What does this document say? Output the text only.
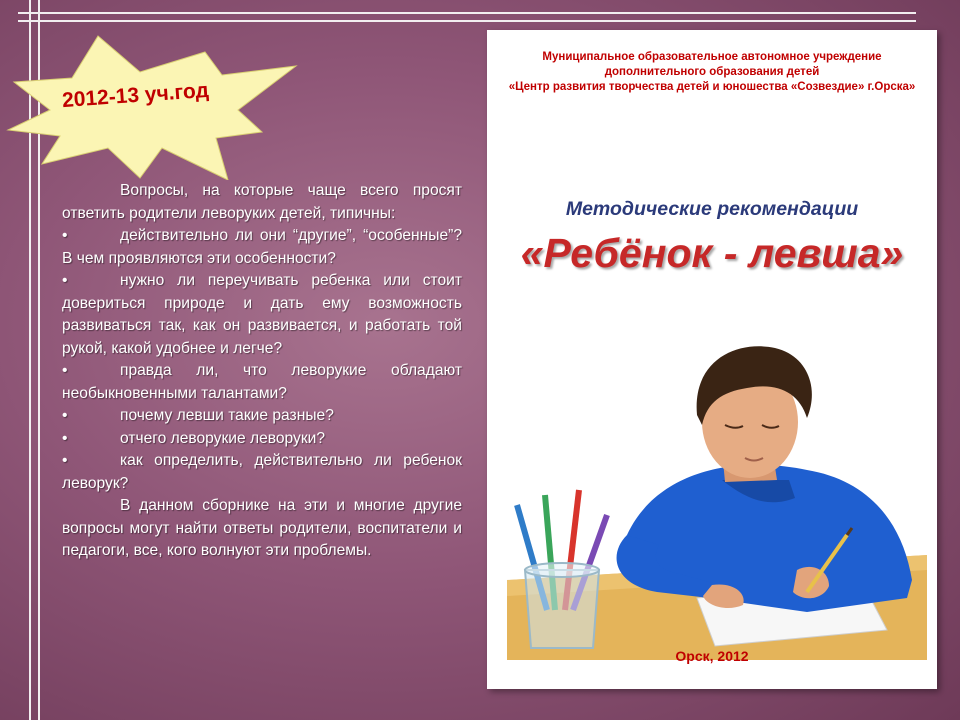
2012-13 уч.год

Вопросы, на которые чаще всего просят ответить родители леворуких детей, типичны:

•	действительно ли они “другие”, “особенные”? В чем проявляются эти особенности?

•	нужно ли переучивать ребенка или стоит довериться природе и дать ему возможность развиваться так, как он развивается, и работать той рукой, какой удобнее и легче?

•	правда ли, что леворукие обладают необыкновенными талантами?

•	почему левши такие разные?

•	отчего леворукие леворуки?

•	как определить, действительно ли ребенок леворук?

В данном сборнике на эти и многие другие вопросы могут найти ответы родители, воспитатели и педагоги, все, кого волнуют эти проблемы.

Муниципальное образовательное автономное учреждение
дополнительного образования детей
«Центр развития творчества детей и юношества «Созвездие» г.Орска»
Методические рекомендации
«Ребёнок - левша»
Орск, 2012
